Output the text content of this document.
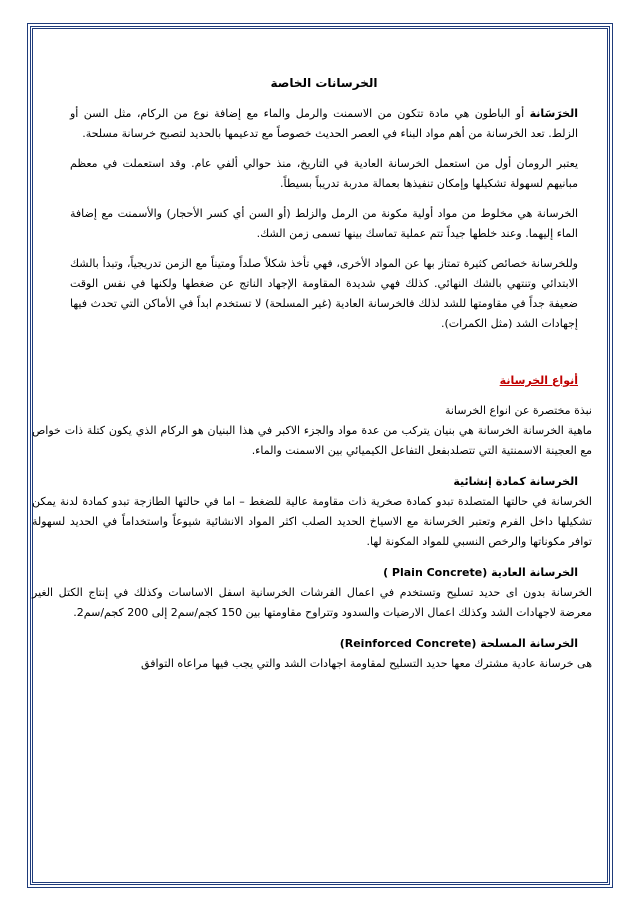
الخرسانات الخاصة

الخرَسَانة أو الباطون هي مادة تتكون من الاسمنت والرمل والماء مع إضافة نوع من الركام، مثل السن أو الزلط. تعد الخرسانة من أهم مواد البناء في العصر الحديث خصوصاً مع تدعيمها بالحديد لتصبح خرسانة مسلحة.

يعتبر الرومان أول من استعمل الخرسانة العادية في التاريخ، منذ حوالي ألفي عام. وقد استعملت في معظم مبانيهم لسهولة تشكيلها وإمكان تنفيذها بعمالة مدربة تدريباً بسيطاً.

الخرسانة هي مخلوط من مواد أولية مكونة من الرمل والزلط (أو السن أي كسر الأحجار) والأسمنت مع إضافة الماء إليهما. وعند خلطها جيداً تتم عملية تماسك بينها تسمى زمن الشك.

وللخرسانة خصائص كثيرة تمتاز بها عن المواد الأخرى، فهي تأخذ شكلاً صلداً ومتيناً مع الزمن تدريجياً، وتبدأ بالشك الابتدائي وتنتهي بالشك النهائي. كذلك فهي شديدة المقاومة الإجهاد الناتج عن ضغطها ولكنها في نفس الوقت ضعيفة جداً في مقاومتها للشد لذلك فالخرسانة العادية (غير المسلحة) لا تستخدم ابداً في الأماكن التي تحدث فيها إجهادات الشد (مثل الكمرات).

أنواع الخرسانة

نبذة مختصرة عن انواع الخرسانة
ماهية الخرسانة الخرسانة هي بنيان يتركب من عدة مواد والجزء الاكبر في هذا البنيان هو الركام الذي يكون كتلة ذات خواص مع العجينة الاسمنتية التي تتصلدبفعل التفاعل الكيميائي بين الاسمنت والماء.

الخرسانة كمادة إنشائية

الخرسانة في حالتها المتصلدة تبدو كمادة صخرية ذات مقاومة عالية للضغط – اما في حالتها الطازجة تبدو كمادة لدنة يمكن تشكيلها داخل الفرم وتعتبر الخرسانة مع الاسياخ الحديد الصلب اكثر المواد الانشائية شيوعاً واستخداماً في الحديد لسهولة توافر مكوناتها والرخص النسبي للمواد المكونة لها.

الخرسانة العادية ( Plain Concrete)

الخرسانة بدون اى حديد تسليح وتستخدم في اعمال الفرشات الخرسانية اسفل الاساسات وكذلك في إنتاج الكتل الغير معرضة لاجهادات الشد وكذلك اعمال الارضيات والسدود وتتراوح مقاومتها بين 150 كجم/سم2 إلى 200 كجم/سم2.

الخرسانة المسلحة (Reinforced Concrete)

هى خرسانة عادية مشترك معها حديد التسليح لمقاومة اجهادات الشد والتي يجب فيها مراعاه التوافق
